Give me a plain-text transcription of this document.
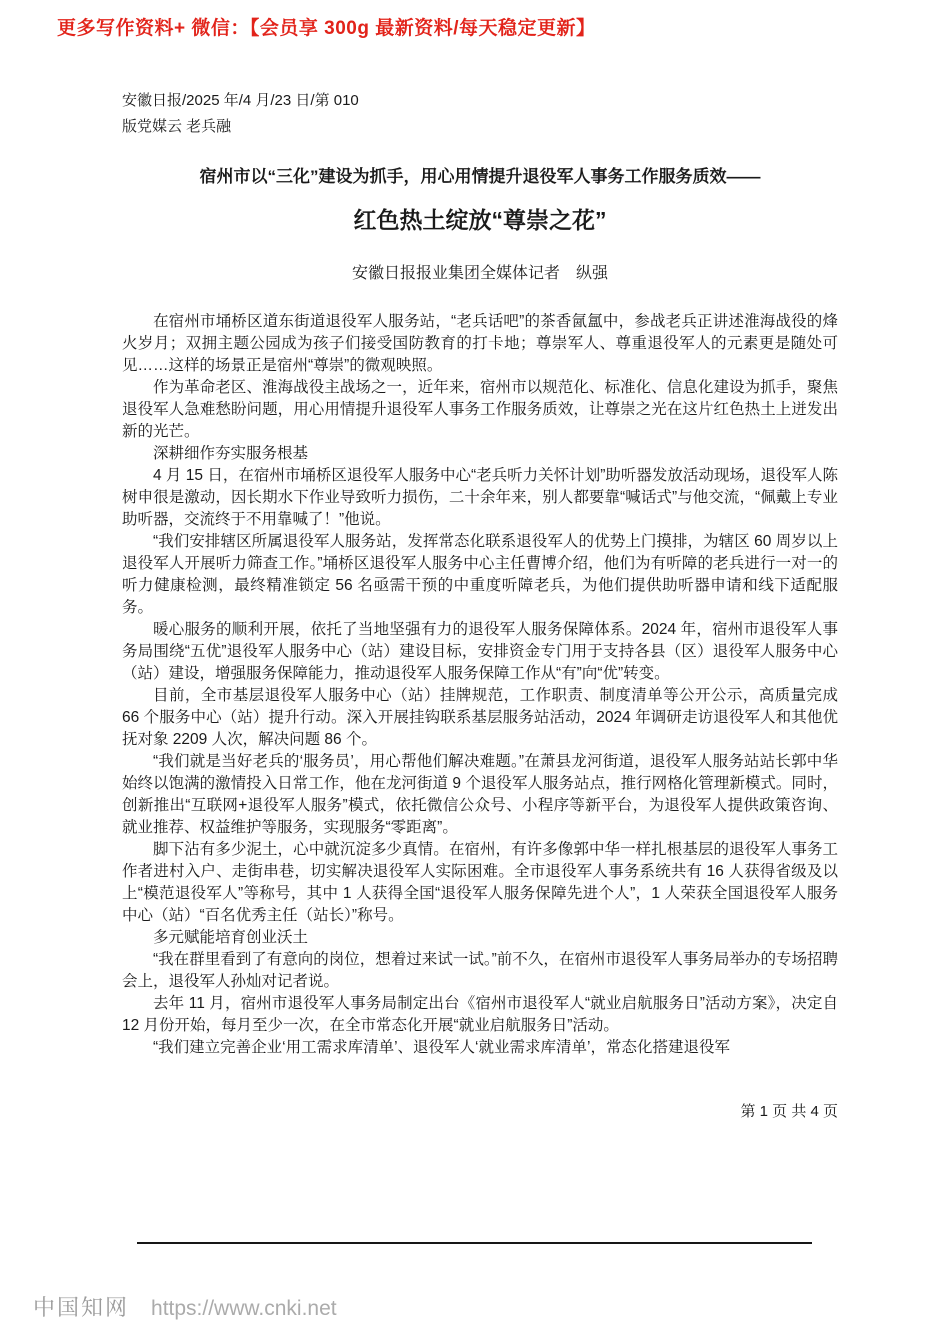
更多写作资料+ 微信：【会员享 300g 最新资料/每天稳定更新】
安徽日报/2025 年/4 月/23 日/第 010
版党媒云 老兵融
宿州市以“三化”建设为抓手，用心用情提升退役军人事务工作服务质效——
红色热土绽放“尊崇之花”
安徽日报报业集团全媒体记者　纵强

在宿州市埇桥区道东街道退役军人服务站，“老兵话吧”的茶香氤氲中，参战老兵正讲述淮海战役的烽火岁月；双拥主题公园成为孩子们接受国防教育的打卡地；尊崇军人、尊重退役军人的元素更是随处可见……这样的场景正是宿州“尊崇”的微观映照。

作为革命老区、淮海战役主战场之一，近年来，宿州市以规范化、标准化、信息化建设为抓手，聚焦退役军人急难愁盼问题，用心用情提升退役军人事务工作服务质效，让尊崇之光在这片红色热土上迸发出新的光芒。

深耕细作夯实服务根基

4 月 15 日，在宿州市埇桥区退役军人服务中心“老兵听力关怀计划”助听器发放活动现场，退役军人陈树申很是激动，因长期水下作业导致听力损伤，二十余年来，别人都要靠“喊话式”与他交流，“佩戴上专业助听器，交流终于不用靠喊了！”他说。

“我们安排辖区所属退役军人服务站，发挥常态化联系退役军人的优势上门摸排，为辖区 60 周岁以上退役军人开展听力筛查工作。”埇桥区退役军人服务中心主任曹博介绍，他们为有听障的老兵进行一对一的听力健康检测，最终精准锁定 56 名亟需干预的中重度听障老兵，为他们提供助听器申请和线下适配服务。

暖心服务的顺利开展，依托了当地坚强有力的退役军人服务保障体系。2024 年，宿州市退役军人事务局围绕“五优”退役军人服务中心（站）建设目标，安排资金专门用于支持各县（区）退役军人服务中心（站）建设，增强服务保障能力，推动退役军人服务保障工作从“有”向“优”转变。

目前，全市基层退役军人服务中心（站）挂牌规范，工作职责、制度清单等公开公示，高质量完成 66 个服务中心（站）提升行动。深入开展挂钩联系基层服务站活动，2024 年调研走访退役军人和其他优抚对象 2209 人次，解决问题 86 个。

“我们就是当好老兵的‘服务员’，用心帮他们解决难题。”在萧县龙河街道，退役军人服务站站长郭中华始终以饱满的激情投入日常工作，他在龙河街道 9 个退役军人服务站点，推行网格化管理新模式。同时，创新推出“互联网+退役军人服务”模式，依托微信公众号、小程序等新平台，为退役军人提供政策咨询、就业推荐、权益维护等服务，实现服务“零距离”。

脚下沾有多少泥土，心中就沉淀多少真情。在宿州，有许多像郭中华一样扎根基层的退役军人事务工作者进村入户、走街串巷，切实解决退役军人实际困难。全市退役军人事务系统共有 16 人获得省级及以上“模范退役军人”等称号，其中 1 人获得全国“退役军人服务保障先进个人”，1 人荣获全国退役军人服务中心（站）“百名优秀主任（站长）”称号。

多元赋能培育创业沃土

“我在群里看到了有意向的岗位，想着过来试一试。”前不久，在宿州市退役军人事务局举办的专场招聘会上，退役军人孙灿对记者说。

去年 11 月，宿州市退役军人事务局制定出台《宿州市退役军人“就业启航服务日”活动方案》，决定自 12 月份开始，每月至少一次，在全市常态化开展“就业启航服务日”活动。

“我们建立完善企业‘用工需求库清单’、退役军人‘就业需求库清单’，常态化搭建退役军

第 1 页 共 4 页
中国知网 https://www.cnki.net
